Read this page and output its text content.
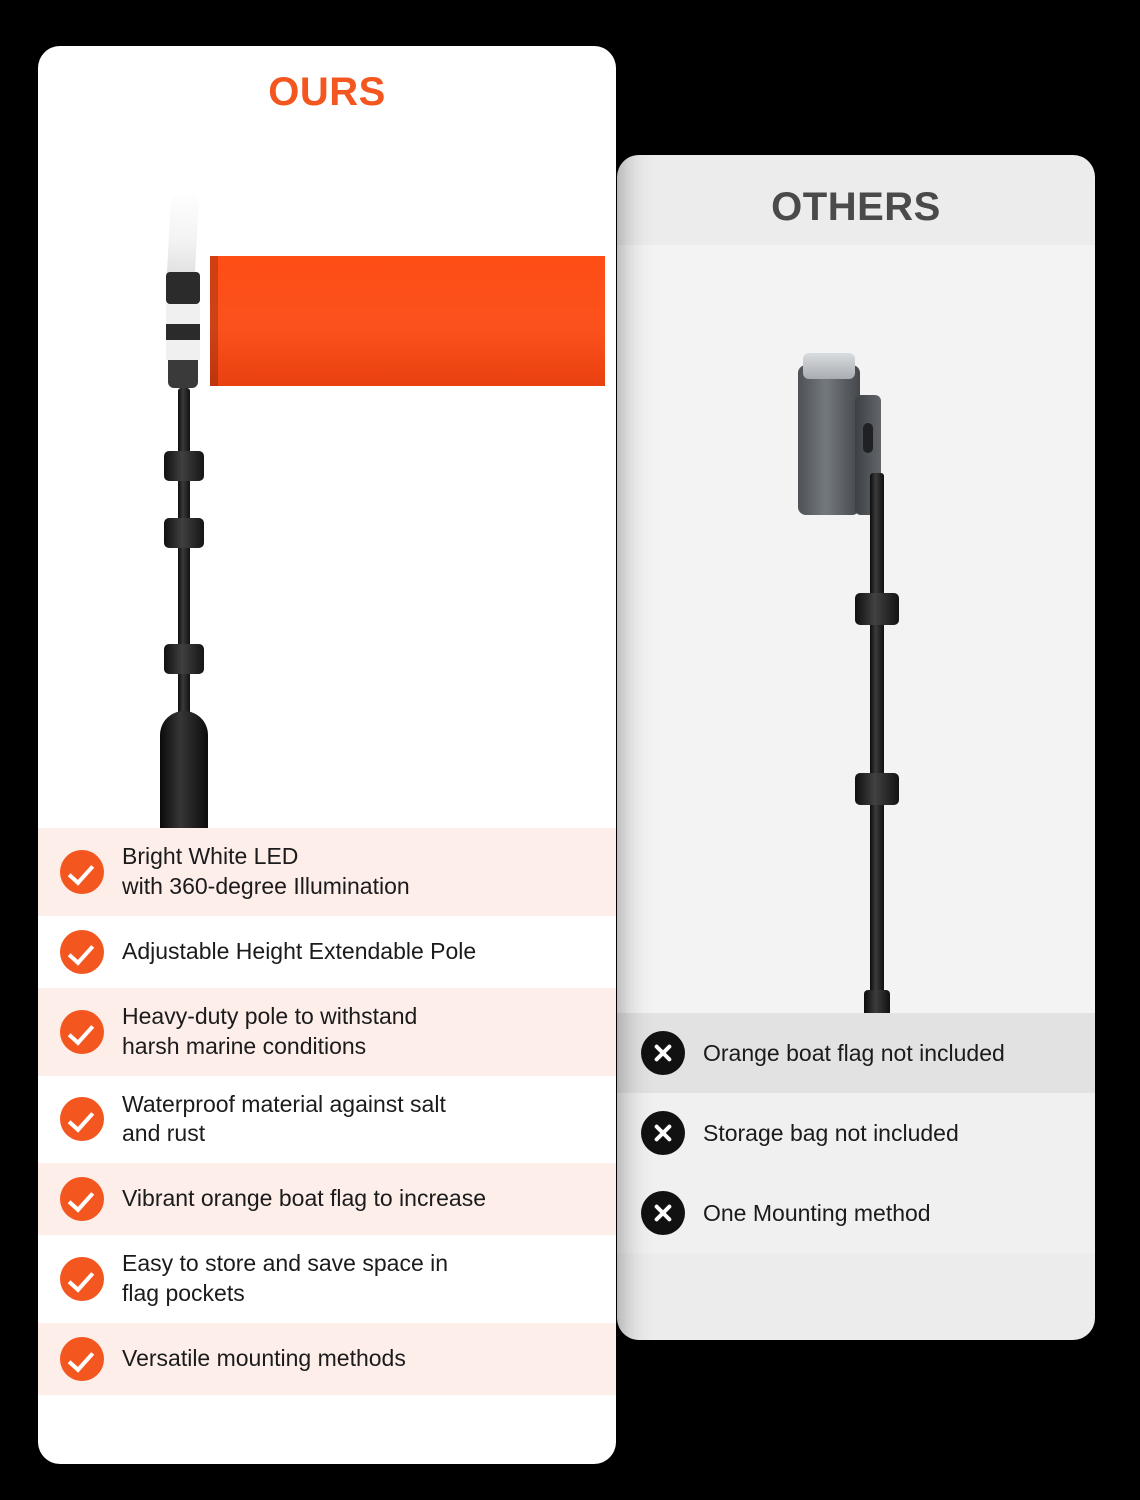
OTHERS
Orange boat flag not included
Storage bag not included
One Mounting method
OURS
Bright White LED
with 360-degree Illumination
Adjustable Height Extendable Pole
Heavy-duty pole to withstand
harsh marine conditions
Waterproof material against salt
and rust
Vibrant orange boat flag to increase
Easy to store and save space in
flag pockets
Versatile mounting methods
